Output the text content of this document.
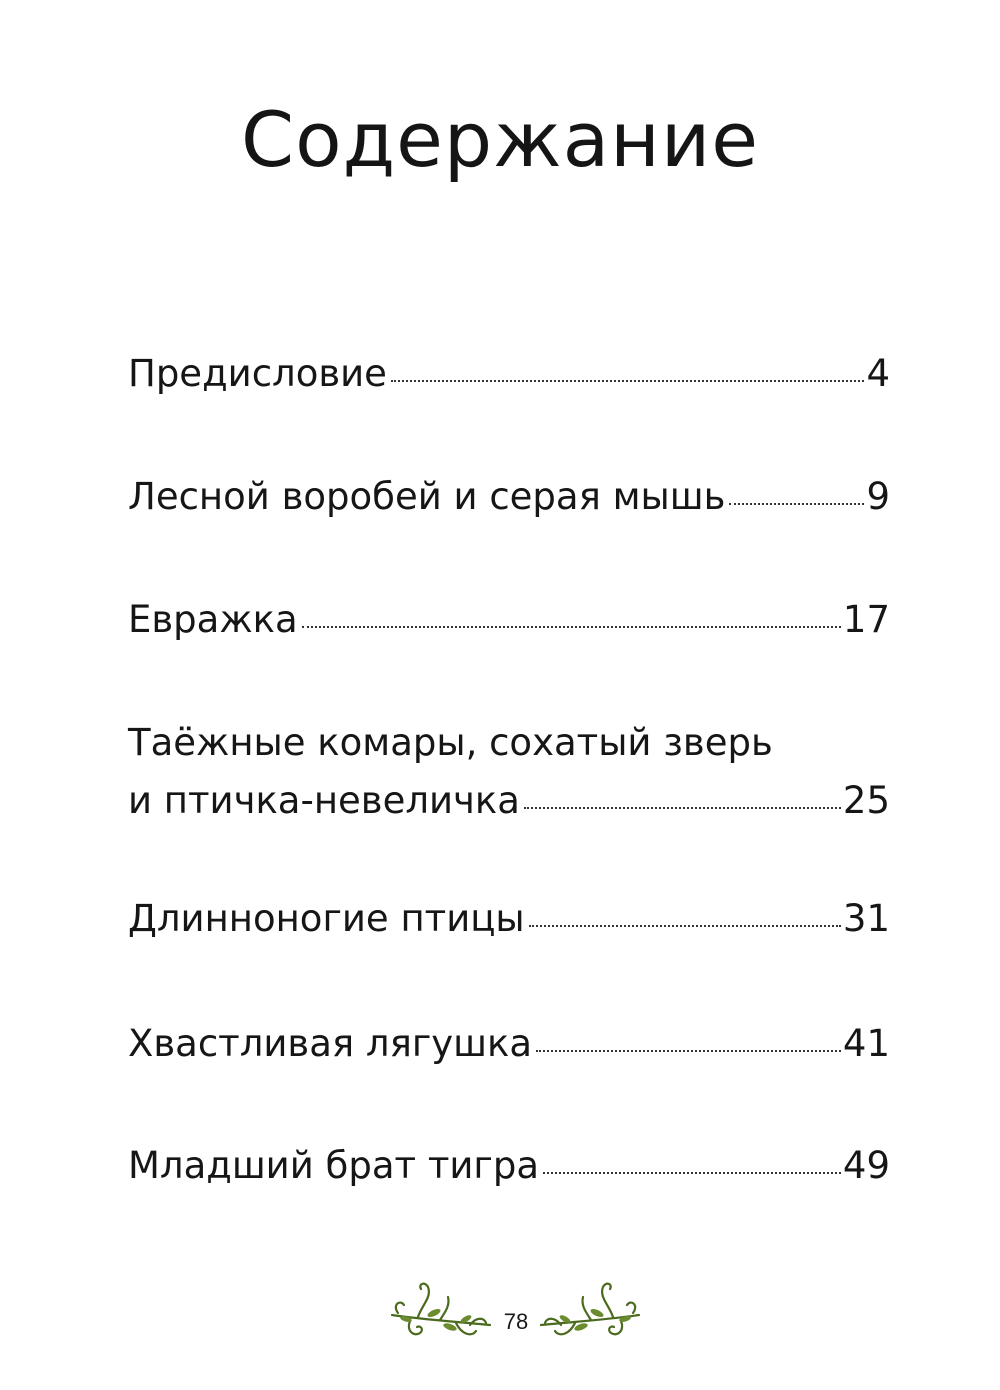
Содержание
Предисловие	4
Лесной воробей и серая мышь	9
Евражка	17
Таёжные комары, сохатый зверь
и птичка-невеличка	25
Длинноногие птицы	31
Хвастливая лягушка	41
Младший брат тигра	49
78
